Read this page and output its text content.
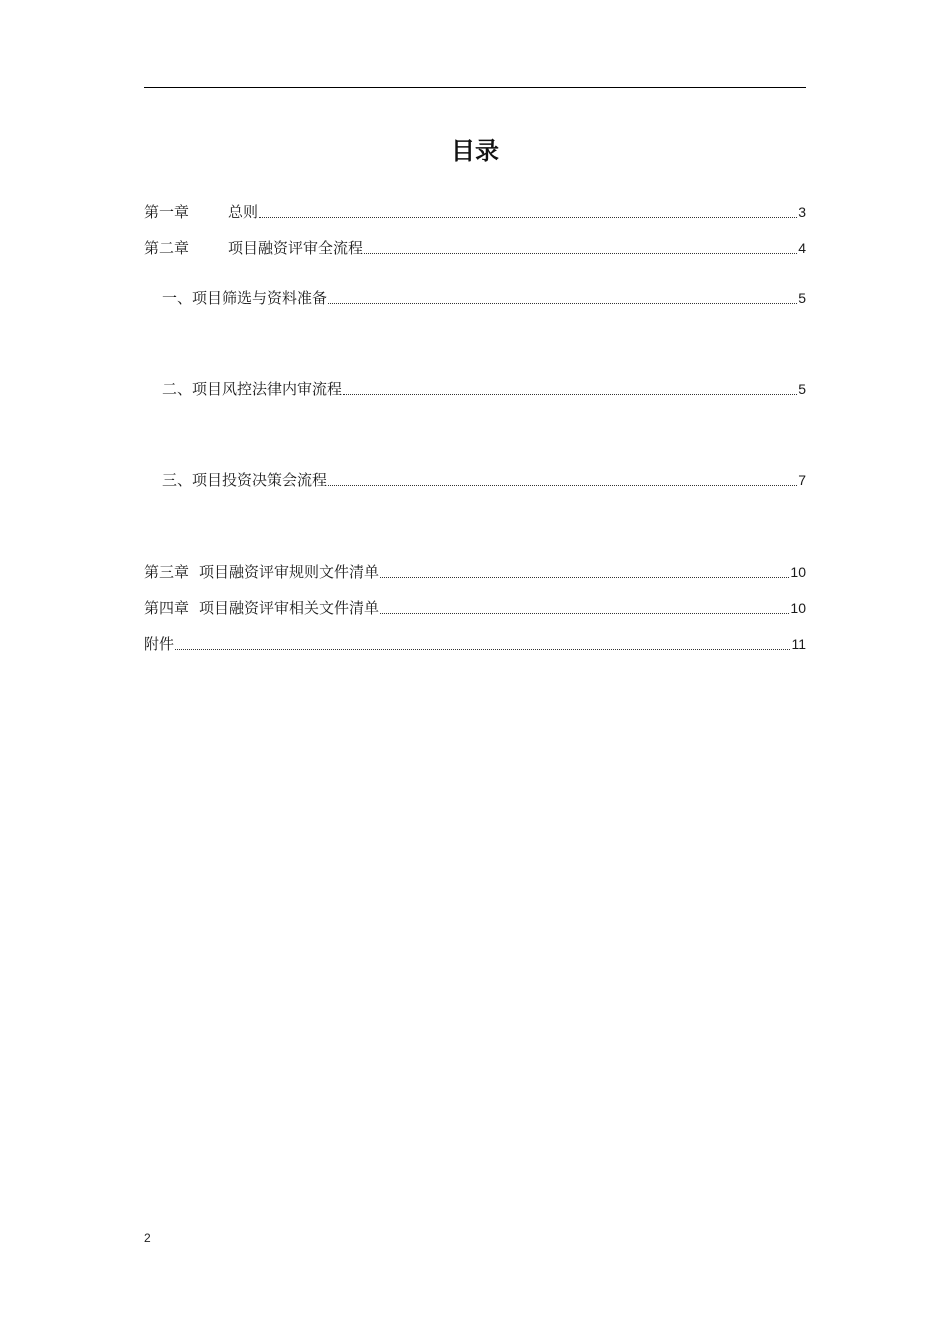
目录
第一章	总则	3
第二章	项目融资评审全流程	4
一、项目筛选与资料准备	5
二、项目风控法律内审流程	5
三、项目投资决策会流程	7
第三章 项目融资评审规则文件清单	10
第四章 项目融资评审相关文件清单	10
附件	11
2
